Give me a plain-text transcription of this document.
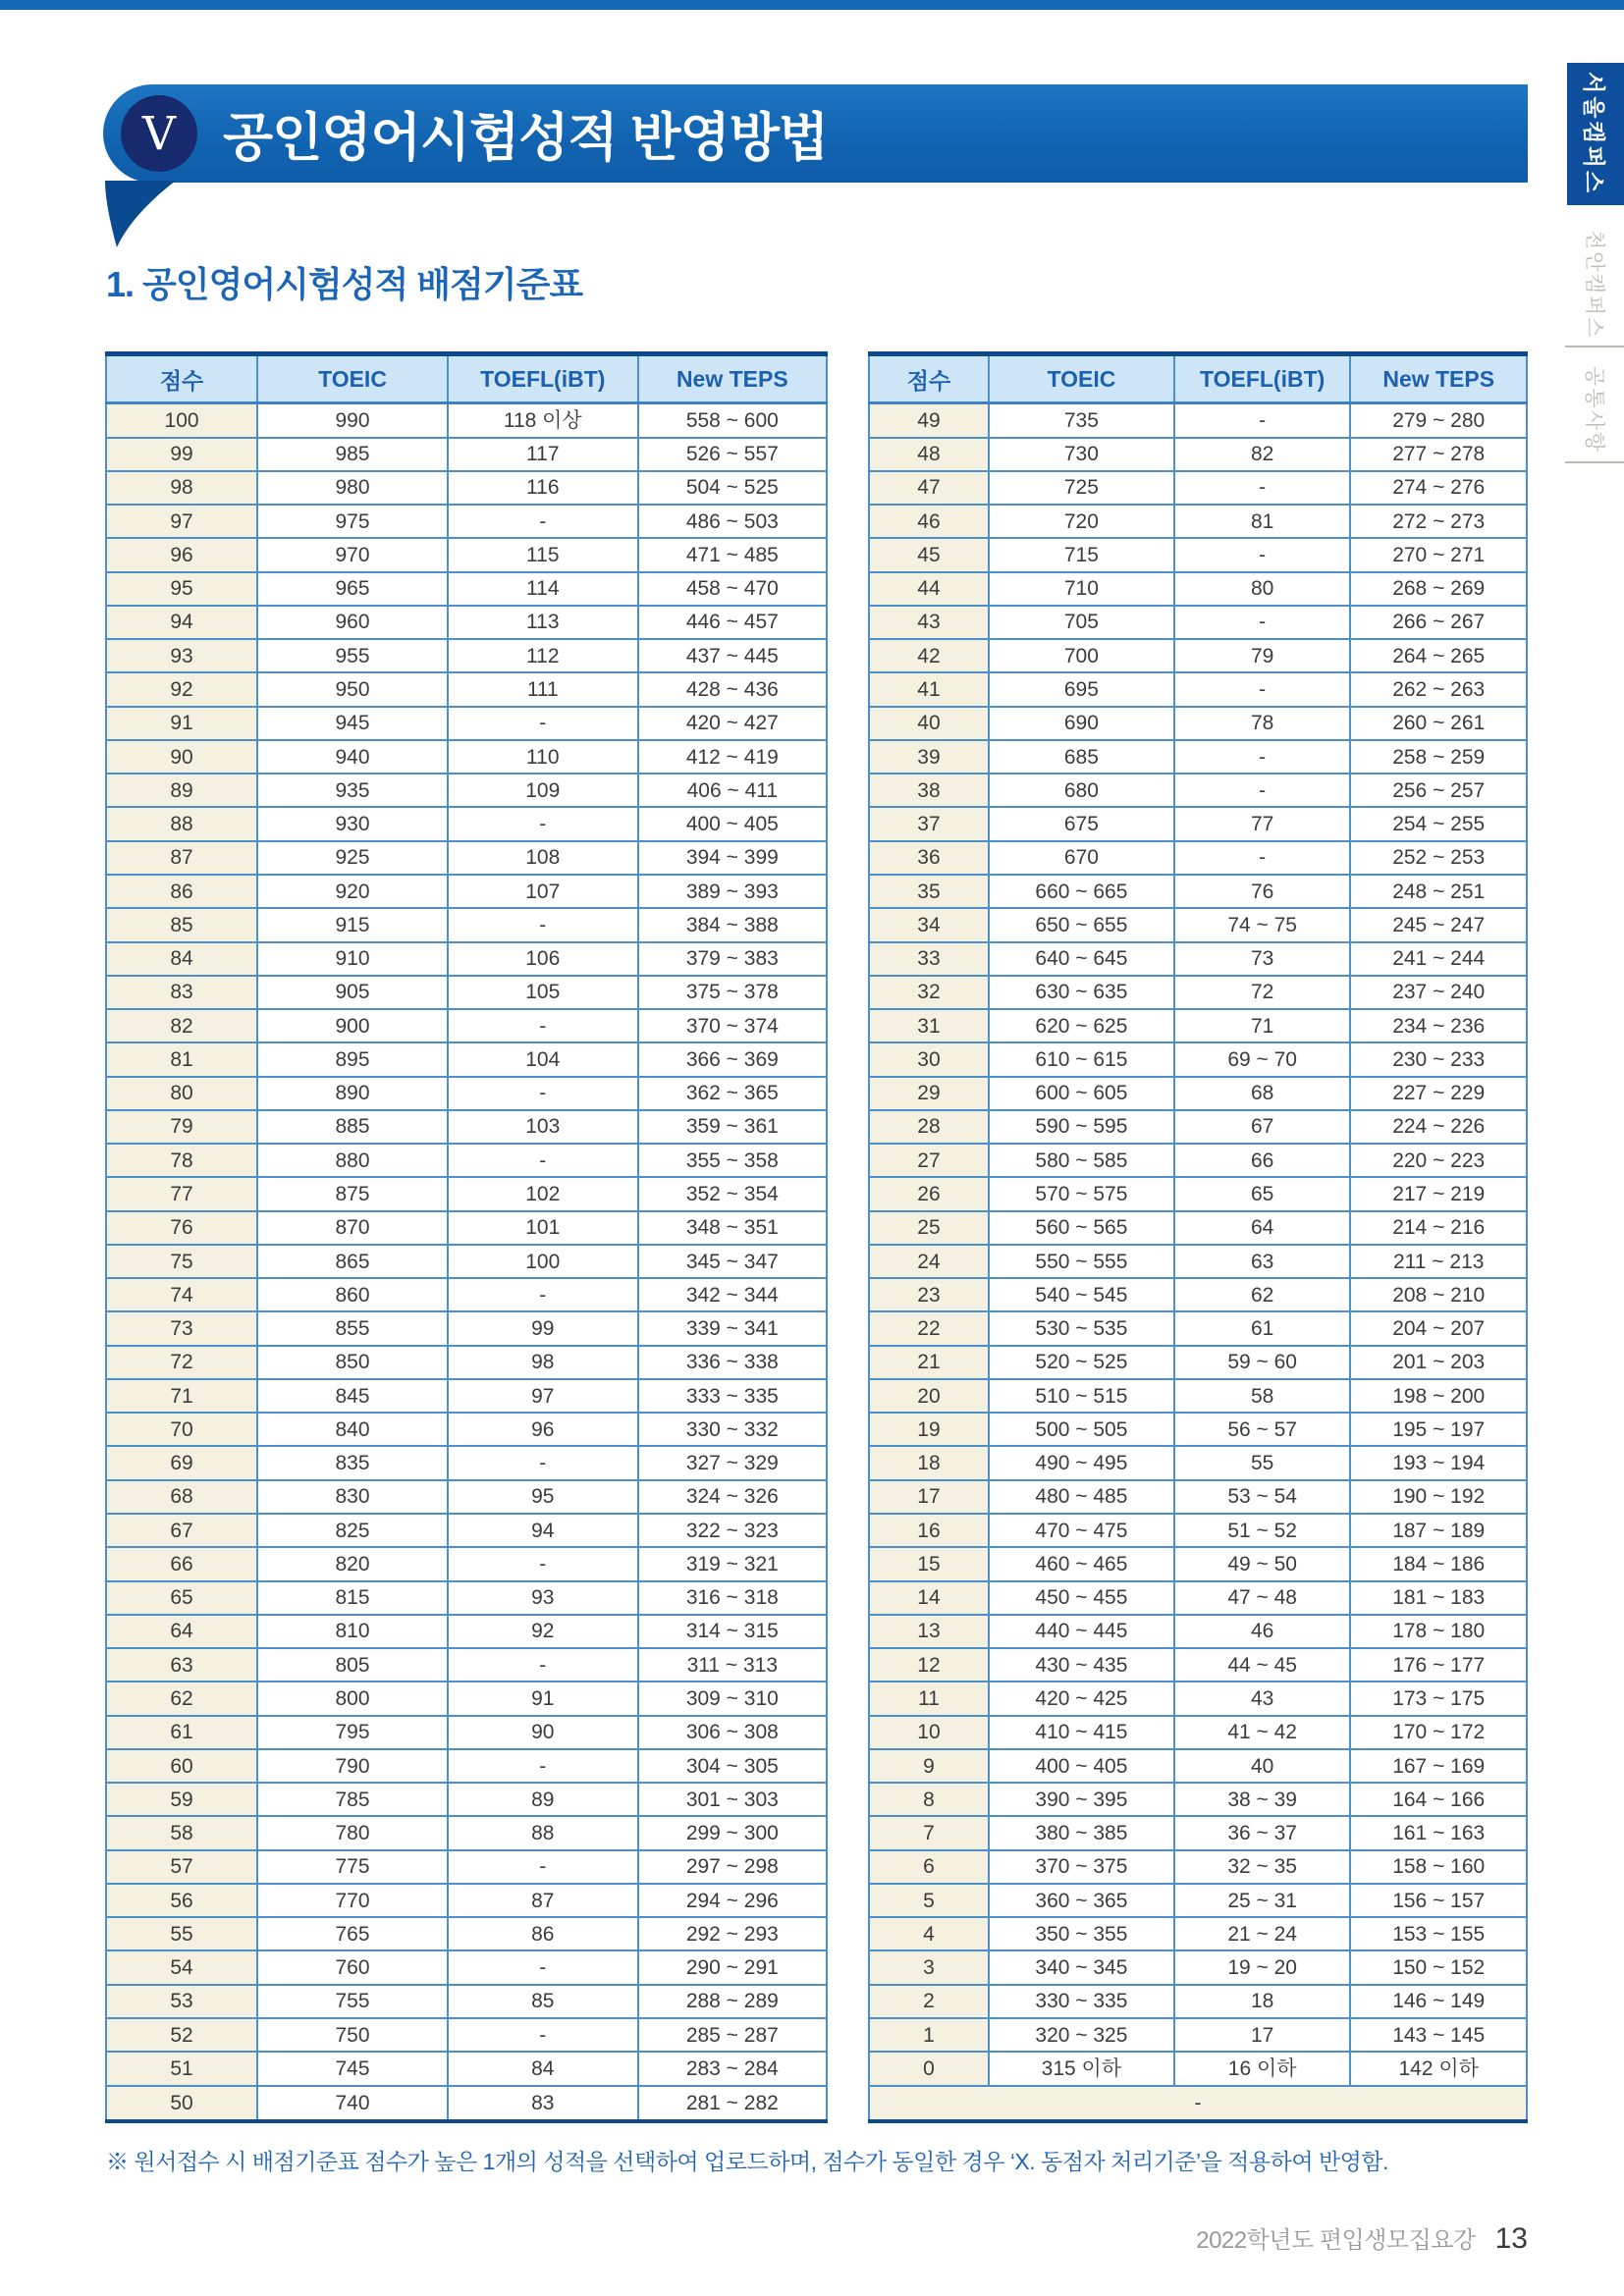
V 공인영어시험성적 반영방법
1. 공인영어시험성적 배점기준표
점수	TOEIC	TOEFL(iBT)	New TEPS
100	990	118 이상	558 ~ 600
99	985	117	526 ~ 557
98	980	116	504 ~ 525
97	975	-	486 ~ 503
96	970	115	471 ~ 485
95	965	114	458 ~ 470
94	960	113	446 ~ 457
93	955	112	437 ~ 445
92	950	111	428 ~ 436
91	945	-	420 ~ 427
90	940	110	412 ~ 419
89	935	109	406 ~ 411
88	930	-	400 ~ 405
87	925	108	394 ~ 399
86	920	107	389 ~ 393
85	915	-	384 ~ 388
84	910	106	379 ~ 383
83	905	105	375 ~ 378
82	900	-	370 ~ 374
81	895	104	366 ~ 369
80	890	-	362 ~ 365
79	885	103	359 ~ 361
78	880	-	355 ~ 358
77	875	102	352 ~ 354
76	870	101	348 ~ 351
75	865	100	345 ~ 347
74	860	-	342 ~ 344
73	855	99	339 ~ 341
72	850	98	336 ~ 338
71	845	97	333 ~ 335
70	840	96	330 ~ 332
69	835	-	327 ~ 329
68	830	95	324 ~ 326
67	825	94	322 ~ 323
66	820	-	319 ~ 321
65	815	93	316 ~ 318
64	810	92	314 ~ 315
63	805	-	311 ~ 313
62	800	91	309 ~ 310
61	795	90	306 ~ 308
60	790	-	304 ~ 305
59	785	89	301 ~ 303
58	780	88	299 ~ 300
57	775	-	297 ~ 298
56	770	87	294 ~ 296
55	765	86	292 ~ 293
54	760	-	290 ~ 291
53	755	85	288 ~ 289
52	750	-	285 ~ 287
51	745	84	283 ~ 284
50	740	83	281 ~ 282
점수	TOEIC	TOEFL(iBT)	New TEPS
49	735	-	279 ~ 280
48	730	82	277 ~ 278
47	725	-	274 ~ 276
46	720	81	272 ~ 273
45	715	-	270 ~ 271
44	710	80	268 ~ 269
43	705	-	266 ~ 267
42	700	79	264 ~ 265
41	695	-	262 ~ 263
40	690	78	260 ~ 261
39	685	-	258 ~ 259
38	680	-	256 ~ 257
37	675	77	254 ~ 255
36	670	-	252 ~ 253
35	660 ~ 665	76	248 ~ 251
34	650 ~ 655	74 ~ 75	245 ~ 247
33	640 ~ 645	73	241 ~ 244
32	630 ~ 635	72	237 ~ 240
31	620 ~ 625	71	234 ~ 236
30	610 ~ 615	69 ~ 70	230 ~ 233
29	600 ~ 605	68	227 ~ 229
28	590 ~ 595	67	224 ~ 226
27	580 ~ 585	66	220 ~ 223
26	570 ~ 575	65	217 ~ 219
25	560 ~ 565	64	214 ~ 216
24	550 ~ 555	63	211 ~ 213
23	540 ~ 545	62	208 ~ 210
22	530 ~ 535	61	204 ~ 207
21	520 ~ 525	59 ~ 60	201 ~ 203
20	510 ~ 515	58	198 ~ 200
19	500 ~ 505	56 ~ 57	195 ~ 197
18	490 ~ 495	55	193 ~ 194
17	480 ~ 485	53 ~ 54	190 ~ 192
16	470 ~ 475	51 ~ 52	187 ~ 189
15	460 ~ 465	49 ~ 50	184 ~ 186
14	450 ~ 455	47 ~ 48	181 ~ 183
13	440 ~ 445	46	178 ~ 180
12	430 ~ 435	44 ~ 45	176 ~ 177
11	420 ~ 425	43	173 ~ 175
10	410 ~ 415	41 ~ 42	170 ~ 172
9	400 ~ 405	40	167 ~ 169
8	390 ~ 395	38 ~ 39	164 ~ 166
7	380 ~ 385	36 ~ 37	161 ~ 163
6	370 ~ 375	32 ~ 35	158 ~ 160
5	360 ~ 365	25 ~ 31	156 ~ 157
4	350 ~ 355	21 ~ 24	153 ~ 155
3	340 ~ 345	19 ~ 20	150 ~ 152
2	330 ~ 335	18	146 ~ 149
1	320 ~ 325	17	143 ~ 145
0	315 이하	16 이하	142 이하
-			
※ 원서접수 시 배점기준표 점수가 높은 1개의 성적을 선택하여 업로드하며, 점수가 동일한 경우 ‘X. 동점자 처리기준’을 적용하여 반영함.
서울캠퍼스
천안캠퍼스
공통사항
2022학년도 편입생모집요강 13
